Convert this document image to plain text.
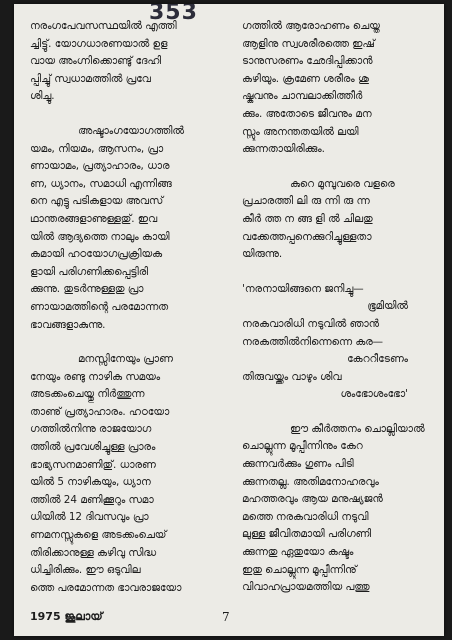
353

നരംഗപേവസസ്ഥയിൽ എത്തി

ച്ചിട്ടു്. യോഗധാരണയാൽ ഉള

വായ അംഗ്നിക്കൊണ്ടു് ദേഹി

പ്പിച്ചു് സ്വധാമത്തിൽ പ്രവേ

ശിച്ചു.

അഷ്ടാംഗയോഗത്തിൽ

യമം, നിയമം, ആസനം, പ്രാ

ണായാമം, പ്രത്യാഹാരം, ധാര

ണ, ധ്യാനം, സമാധി എന്നിങ്ങ

നെ എട്ടു പടികളായ അവസ്

ഥാന്തരങ്ങളാണുള്ളതു്. ഇവ

യിൽ ആദ്യത്തെ നാലും കായി

കമായി ഹഠയോഗപ്രക്രിയക

ളായി പരിഗണിക്കപ്പെട്ടിരി

ക്കുന്നു. തുടർന്നുള്ളതു പ്രാ

ണായാമത്തിന്റെ പരമോന്നത

ഭാവങ്ങളാകുന്നു.

മനസ്സിനേയും പ്രാണ

നേയും രണ്ടു നാഴിക സമയം

അടക്കംചെയ്തു നിർത്തുന്ന

താണു് പ്രത്യാഹാരം. ഹഠയോ

ഗത്തിൽനിന്നു രാജയോഗ

ത്തിൽ പ്രവേശിച്ചുള്ള പ്രാരം

ഭാഭ്യസനമാണിതു്. ധാരണ

യിൽ 5 നാഴികയും, ധ്യാന

ത്തിൽ 24 മണിക്കൂറും സമാ

ധിയിൽ 12 ദിവസവും പ്രാ

ണമനസ്സുകളെ അടക്കംചെയ്

തിരിക്കാനുള്ള കഴിവു സിദ്ധ

ധിച്ചിരിക്കും. ഈ ഒടുവില

ത്തെ പരമോന്നത ഭാവരാജയോ

ഗത്തിൽ ആരോഹണം ചെയ്ത

ആളിനു സ്വശരീരത്തെ ഇഷ്

ടാനുസരണം ഛേദിപ്പിക്കാൻ

കഴിയും. ക്രമേണ ശരീരം ശു

ഷ്കവനും ചാമ്പലാക്കിത്തീർ

ക്കും. അതോടെ ജീവനും മന

സ്സും അനന്തതയിൽ ലയി

ക്കുന്നതായിരിക്കും.

കുറെ മുമ്പുവരെ വളരെ

പ്രചാരത്തി ലി രു ന്നി രു ന്ന

കീർ ത്ത ന ങ്ങ ളി ൽ ചിലതു

വക്കേത്തപ്പനെക്കുറിച്ചുള്ളതാ

യിരുന്നു.

'നരനായിങ്ങനെ ജനിച്ചു—

ഭൂമിയിൽ

നരകവാരിധി നടുവിൽ ഞാൻ

നരകത്തിൽനിന്നെന്നെ കര—

കേററീടേണം

തിരുവയ്ക്കം വാഴും ശിവ

ശംഭോശംഭോ'

ഈ കീർത്തനം ചൊല്ലിയാൽ

ചൊല്ലുന്ന മൂപ്പീന്നിനും കേറ

ക്കുന്നവർക്കും ഗുണം പിടി

ക്കുന്നതല്ല. അതിമനോഹരവും

മഹത്തരവും ആയ മനുഷ്യജൻ

മത്തെ നരകവാരിധി നടുവി

ലുള്ള ജീവിതമായി പരിഗണി

ക്കുന്നതു ഏതുയോ കഷ്ടം

ഇതു ചൊല്ലുന്ന മൂപ്പീന്നിനു്

വിവാഹപ്രായമത്തിയ പത്തു

1975 ജൂലായ്	7
